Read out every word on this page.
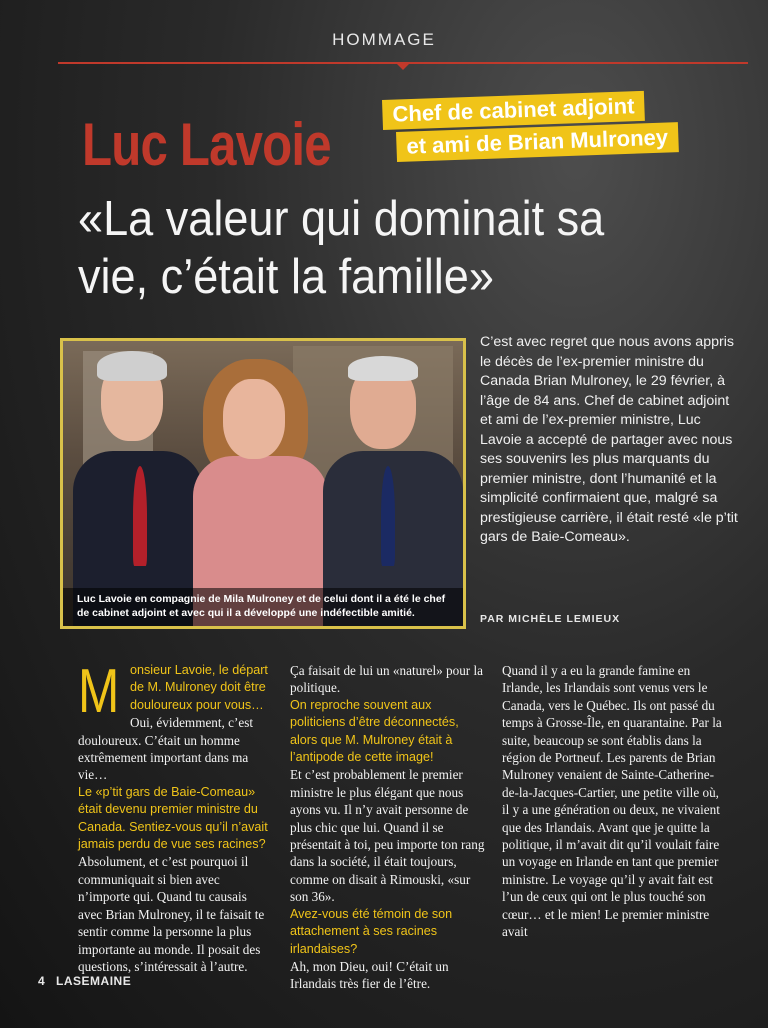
HOMMAGE
Luc Lavoie
Chef de cabinet adjoint
et ami de Brian Mulroney
«La valeur qui dominait sa vie, c’était la famille»
Luc Lavoie en compagnie de Mila Mulroney et de celui dont il a été le chef de cabinet adjoint et avec qui il a développé une indéfectible amitié.
C’est avec regret que nous avons appris le décès de l’ex-premier ministre du Canada Brian Mulroney, le 29 février, à l’âge de 84 ans. Chef de cabinet adjoint et ami de l’ex-premier ministre, Luc Lavoie a accepté de partager avec nous ses souvenirs les plus marquants du premier ministre, dont l’humanité et la simplicité confirmaient que, malgré sa prestigieuse carrière, il était resté «le p’tit gars de Baie-Comeau».
PAR MICHÈLE LEMIEUX
M onsieur Lavoie, le départ de M. Mulroney doit être douloureux pour vous…

Oui, évidemment, c’est douloureux. C’était un homme extrêmement important dans ma vie…

Le «p’tit gars de Baie-Comeau» était devenu premier ministre du Canada. Sentiez-vous qu’il n’avait jamais perdu de vue ses racines?

Absolument, et c’est pourquoi il communiquait si bien avec n’importe qui. Quand tu causais avec Brian Mulroney, il te faisait te sentir comme la personne la plus importante au monde. Il posait des questions, s’intéressait à l’autre.

Ça faisait de lui un «naturel» pour la politique.

On reproche souvent aux politiciens d’être déconnectés, alors que M. Mulroney était à l’antipode de cette image!

Et c’est probablement le premier ministre le plus élégant que nous ayons vu. Il n’y avait personne de plus chic que lui. Quand il se présentait à toi, peu importe ton rang dans la société, il était toujours, comme on disait à Rimouski, «sur son 36».

Avez-vous été témoin de son attachement à ses racines irlandaises?

Ah, mon Dieu, oui! C’était un Irlandais très fier de l’être.

Quand il y a eu la grande famine en Irlande, les Irlandais sont venus vers le Canada, vers le Québec. Ils ont passé du temps à Grosse-Île, en quarantaine. Par la suite, beaucoup se sont établis dans la région de Portneuf. Les parents de Brian Mulroney venaient de Sainte-Catherine-de-la-Jacques-Cartier, une petite ville où, il y a une génération ou deux, ne vivaient que des Irlandais. Avant que je quitte la politique, il m’avait dit qu’il voulait faire un voyage en Irlande en tant que premier ministre. Le voyage qu’il y avait fait est l’un de ceux qui ont le plus touché son cœur… et le mien! Le premier ministre avait

4 LASEMAINE
